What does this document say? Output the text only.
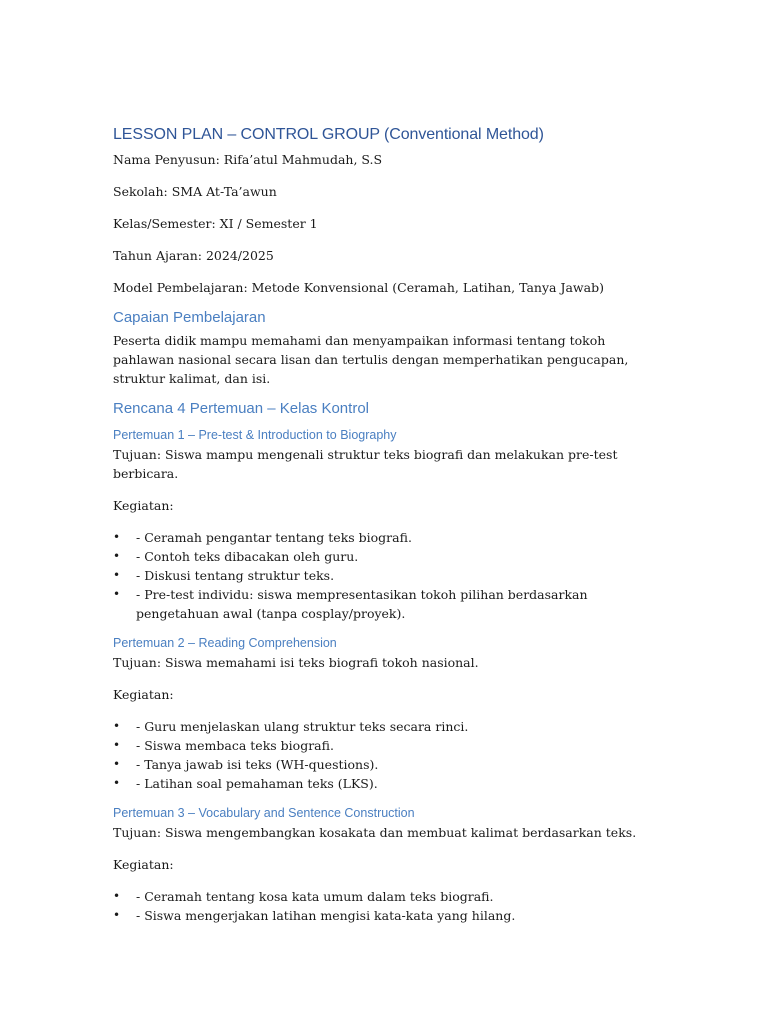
LESSON PLAN – CONTROL GROUP (Conventional Method)

Nama Penyusun: Rifa’atul Mahmudah, S.S

Sekolah: SMA At-Ta’awun

Kelas/Semester: XI / Semester 1

Tahun Ajaran: 2024/2025

Model Pembelajaran: Metode Konvensional (Ceramah, Latihan, Tanya Jawab)

Capaian Pembelajaran

Peserta didik mampu memahami dan menyampaikan informasi tentang tokoh pahlawan nasional secara lisan dan tertulis dengan memperhatikan pengucapan, struktur kalimat, dan isi.

Rencana 4 Pertemuan – Kelas Kontrol
Pertemuan 1 – Pre-test & Introduction to Biography

Tujuan: Siswa mampu mengenali struktur teks biografi dan melakukan pre-test berbicara.

Kegiatan:

• - Ceramah pengantar tentang teks biografi.
• - Contoh teks dibacakan oleh guru.
• - Diskusi tentang struktur teks.
• - Pre-test individu: siswa mempresentasikan tokoh pilihan berdasarkan pengetahuan awal (tanpa cosplay/proyek).
Pertemuan 2 – Reading Comprehension

Tujuan: Siswa memahami isi teks biografi tokoh nasional.

Kegiatan:

• - Guru menjelaskan ulang struktur teks secara rinci.
• - Siswa membaca teks biografi.
• - Tanya jawab isi teks (WH-questions).
• - Latihan soal pemahaman teks (LKS).
Pertemuan 3 – Vocabulary and Sentence Construction

Tujuan: Siswa mengembangkan kosakata dan membuat kalimat berdasarkan teks.

Kegiatan:

• - Ceramah tentang kosa kata umum dalam teks biografi.
• - Siswa mengerjakan latihan mengisi kata-kata yang hilang.
